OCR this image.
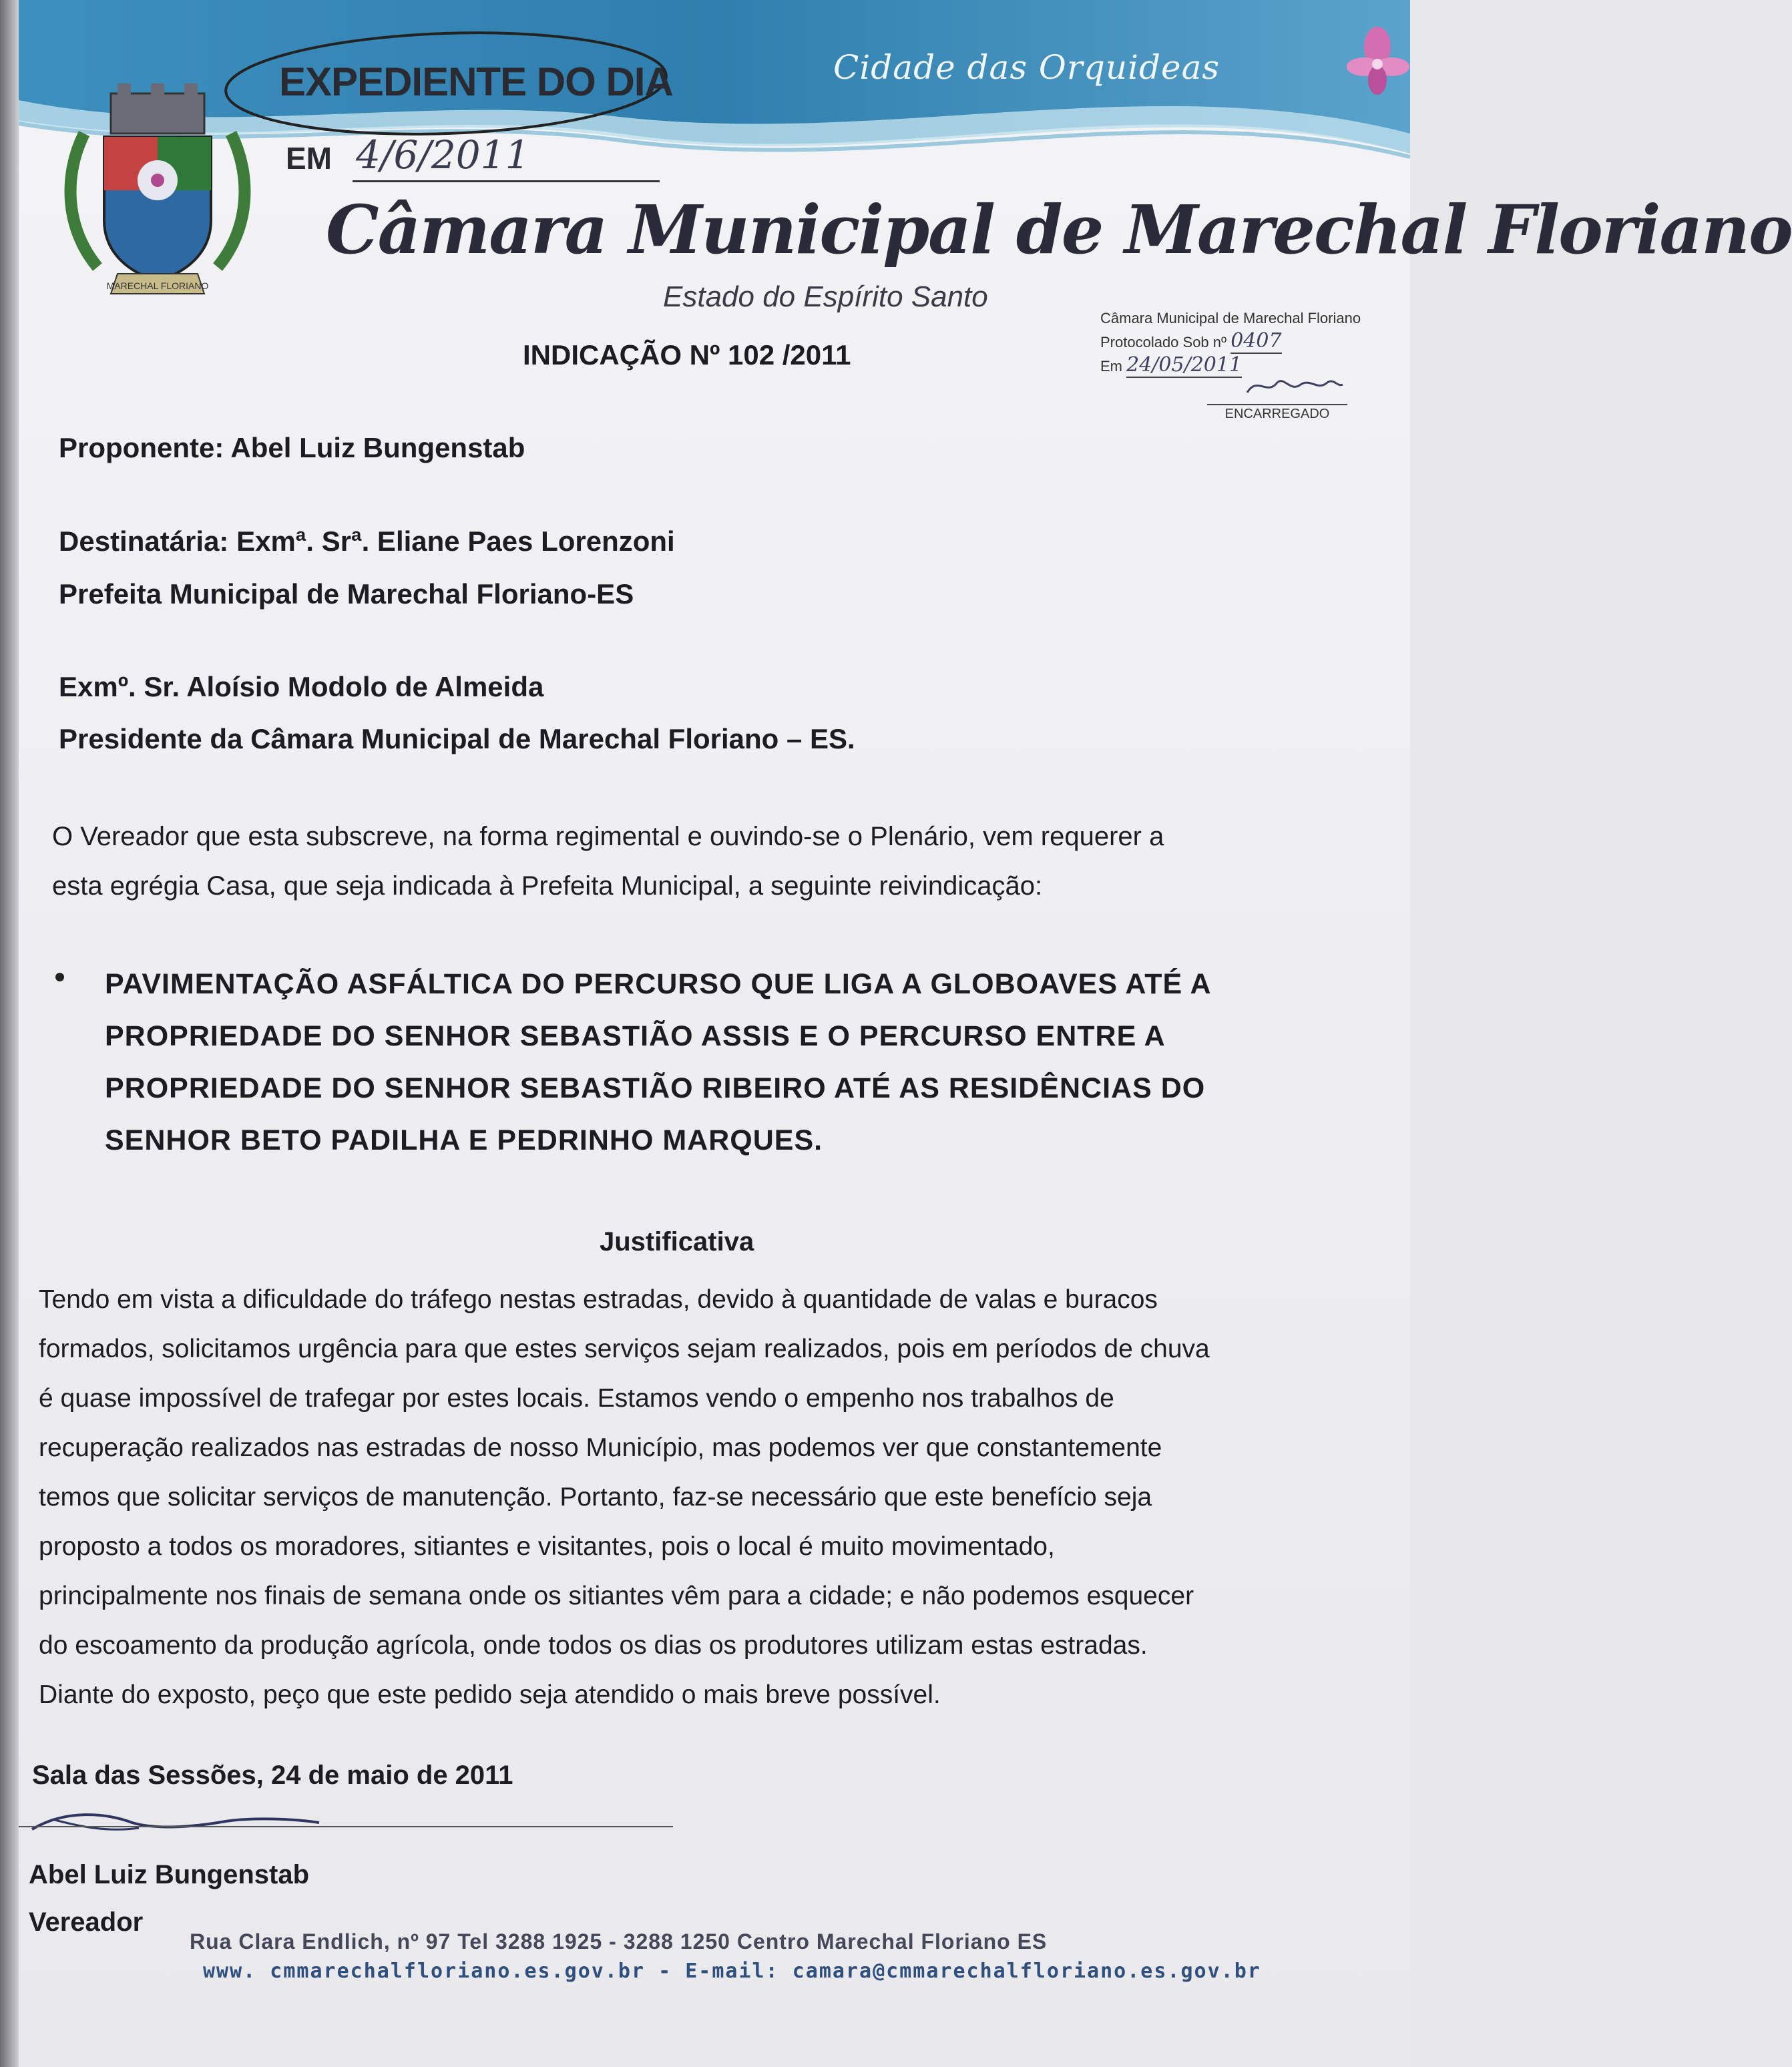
Cidade das Orquideas
MARECHAL FLORIANO
EXPEDIENTE DO DIA
EM 4/6/2011
Câmara Municipal de Marechal Floriano
Estado do Espírito Santo
INDICAÇÃO Nº 102 /2011
Câmara Municipal de Marechal Floriano
Protocolado Sob nº 0407
Em 24/05/2011
ENCARREGADO
Proponente: Abel Luiz Bungenstab
Destinatária: Exmª. Srª. Eliane Paes Lorenzoni
Prefeita Municipal de Marechal Floriano-ES
Exmº. Sr. Aloísio Modolo de Almeida
Presidente da Câmara Municipal de Marechal Floriano – ES.
O Vereador que esta subscreve, na forma regimental e ouvindo-se o Plenário, vem requerer a
esta egrégia Casa, que seja indicada à Prefeita Municipal, a seguinte reivindicação:
PAVIMENTAÇÃO ASFÁLTICA DO PERCURSO QUE LIGA A GLOBOAVES ATÉ A
PROPRIEDADE DO SENHOR SEBASTIÃO ASSIS E O PERCURSO ENTRE A
PROPRIEDADE DO SENHOR SEBASTIÃO RIBEIRO ATÉ AS RESIDÊNCIAS DO
SENHOR BETO PADILHA E PEDRINHO MARQUES.
Justificativa
Tendo em vista a dificuldade do tráfego nestas estradas, devido à quantidade de valas e buracos
formados, solicitamos urgência para que estes serviços sejam realizados, pois em períodos de chuva
é quase impossível de trafegar por estes locais. Estamos vendo o empenho nos trabalhos de
recuperação realizados nas estradas de nosso Município, mas podemos ver que constantemente
temos que solicitar serviços de manutenção. Portanto, faz-se necessário que este benefício seja
proposto a todos os moradores, sitiantes e visitantes, pois o local é muito movimentado,
principalmente nos finais de semana onde os sitiantes vêm para a cidade; e não podemos esquecer
do escoamento da produção agrícola, onde todos os dias os produtores utilizam estas estradas.
Diante do exposto, peço que este pedido seja atendido o mais breve possível.
Sala das Sessões, 24 de maio de 2011
Abel Luiz Bungenstab
Vereador
Rua Clara Endlich, nº 97 Tel 3288 1925 - 3288 1250 Centro Marechal Floriano ES
www. cmmarechalfloriano.es.gov.br - E-mail: camara@cmmarechalfloriano.es.gov.br
